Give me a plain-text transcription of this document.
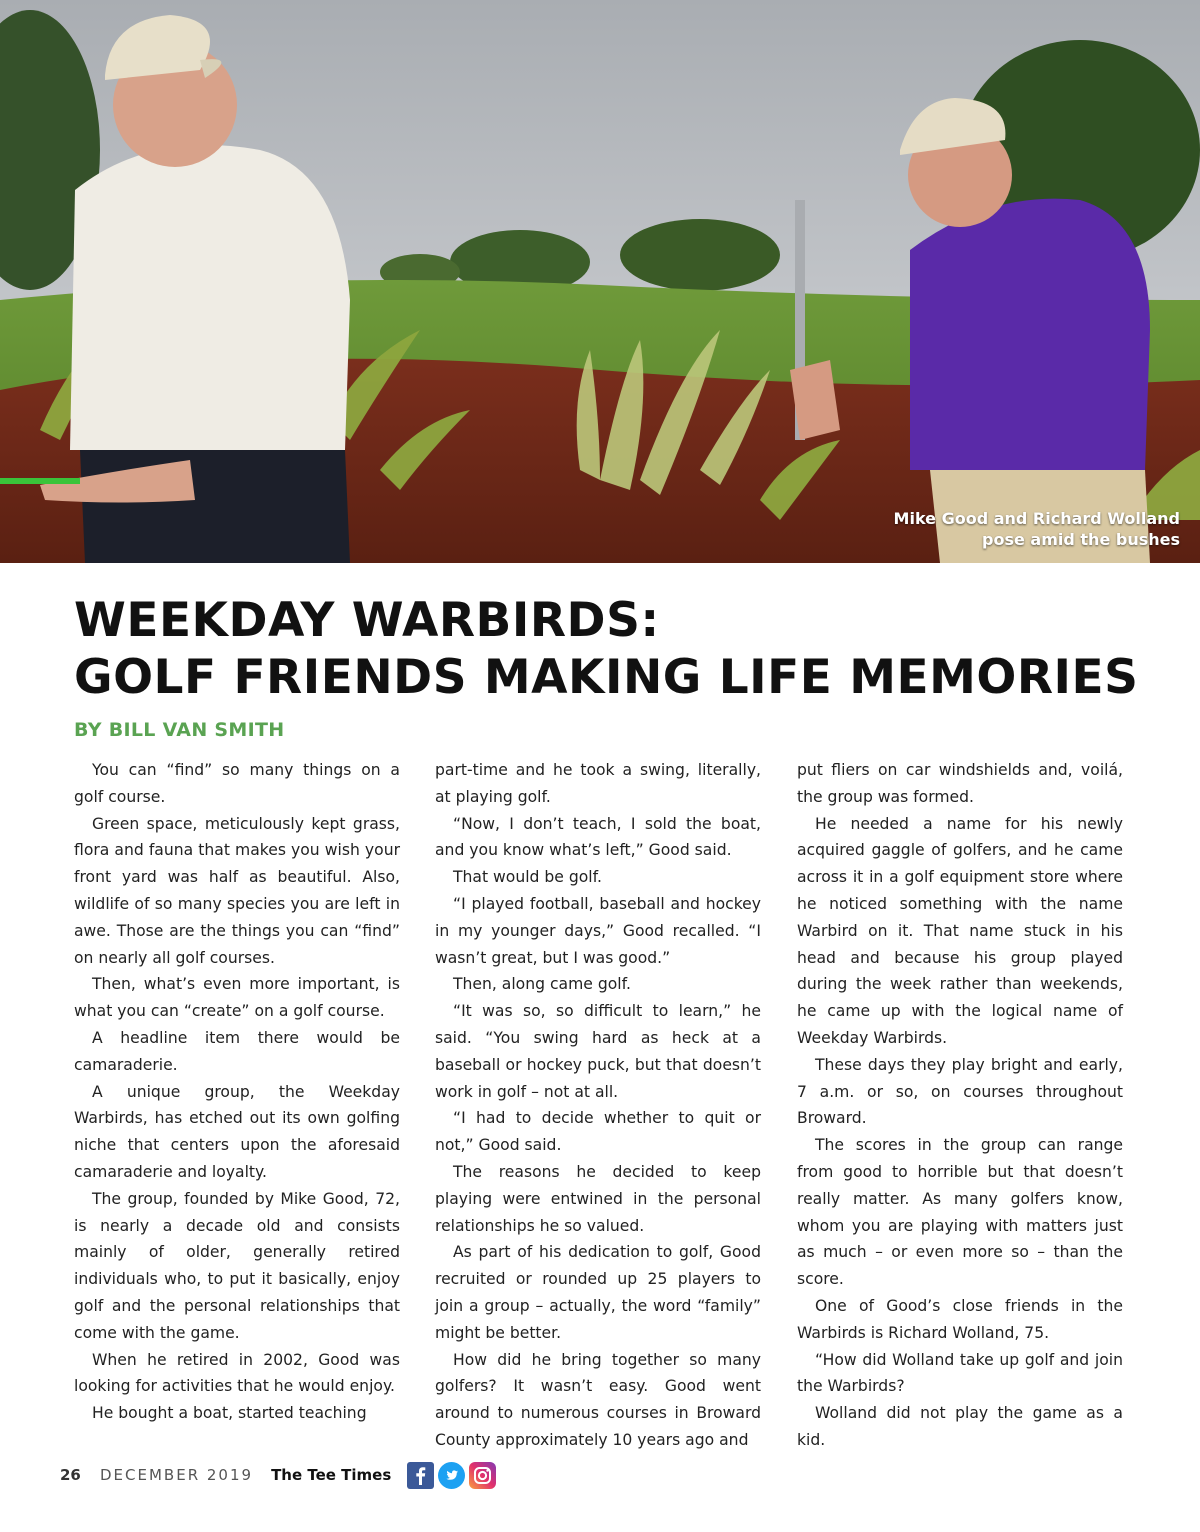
Mike Good and Richard Wolland
pose amid the bushes
WEEKDAY WARBIRDS:
GOLF FRIENDS MAKING LIFE MEMORIES
BY BILL VAN SMITH

You can “find” so many things on a golf course.

Green space, meticulously kept grass, flora and fauna that makes you wish your front yard was half as beautiful. Also, wildlife of so many species you are left in awe. Those are the things you can “find” on nearly all golf courses.

Then, what’s even more important, is what you can “create” on a golf course.

A headline item there would be camaraderie.

A unique group, the Weekday Warbirds, has etched out its own golfing niche that centers upon the aforesaid camaraderie and loyalty.

The group, founded by Mike Good, 72, is nearly a decade old and consists mainly of older, generally retired individuals who, to put it basically, enjoy golf and the personal relationships that come with the game.

When he retired in 2002, Good was looking for activities that he would enjoy.

He bought a boat, started teaching

part-time and he took a swing, literally, at playing golf.

“Now, I don’t teach, I sold the boat, and you know what’s left,” Good said.

That would be golf.

“I played football, baseball and hockey in my younger days,” Good recalled. “I wasn’t great, but I was good.”

Then, along came golf.

“It was so, so difficult to learn,” he said. “You swing hard as heck at a baseball or hockey puck, but that doesn’t work in golf – not at all.

“I had to decide whether to quit or not,” Good said.

The reasons he decided to keep playing were entwined in the personal relationships he so valued.

As part of his dedication to golf, Good recruited or rounded up 25 players to join a group – actually, the word “family” might be better.

How did he bring together so many golfers? It wasn’t easy. Good went around to numerous courses in Broward County approximately 10 years ago and

put fliers on car windshields and, voilá, the group was formed.

He needed a name for his newly acquired gaggle of golfers, and he came across it in a golf equipment store where he noticed something with the name Warbird on it. That name stuck in his head and because his group played during the week rather than weekends, he came up with the logical name of Weekday Warbirds.

These days they play bright and early, 7 a.m. or so, on courses throughout Broward.

The scores in the group can range from good to horrible but that doesn’t really matter. As many golfers know, whom you are playing with matters just as much – or even more so – than the score.

One of Good’s close friends in the Warbirds is Richard Wolland, 75.

“How did Wolland take up golf and join the Warbirds?

Wolland did not play the game as a kid.

26	DECEMBER 2019 The Tee Times
